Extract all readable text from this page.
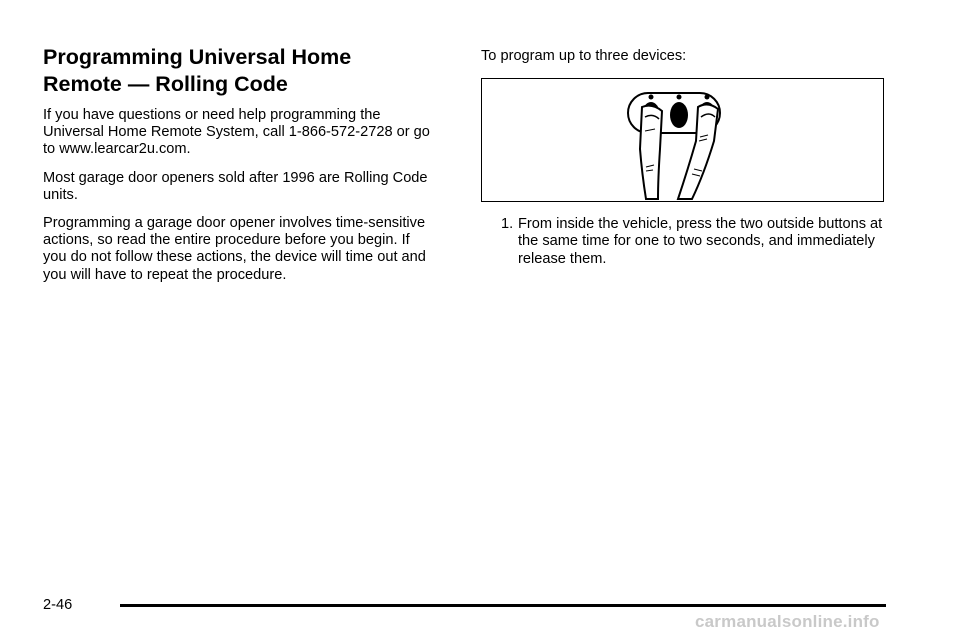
Programming Universal Home
Remote — Rolling Code

If you have questions or need help programming the Universal Home Remote System, call 1-866-572-2728 or go to www.learcar2u.com.

Most garage door openers sold after 1996 are Rolling Code units.

Programming a garage door opener involves time-sensitive actions, so read the entire procedure before you begin. If you do not follow these actions, the device will time out and you will have to repeat the procedure.

To program up to three devices:

1. From inside the vehicle, press the two outside buttons at the same time for one to two seconds, and immediately release them.
2-46
carmanualsonline.info
